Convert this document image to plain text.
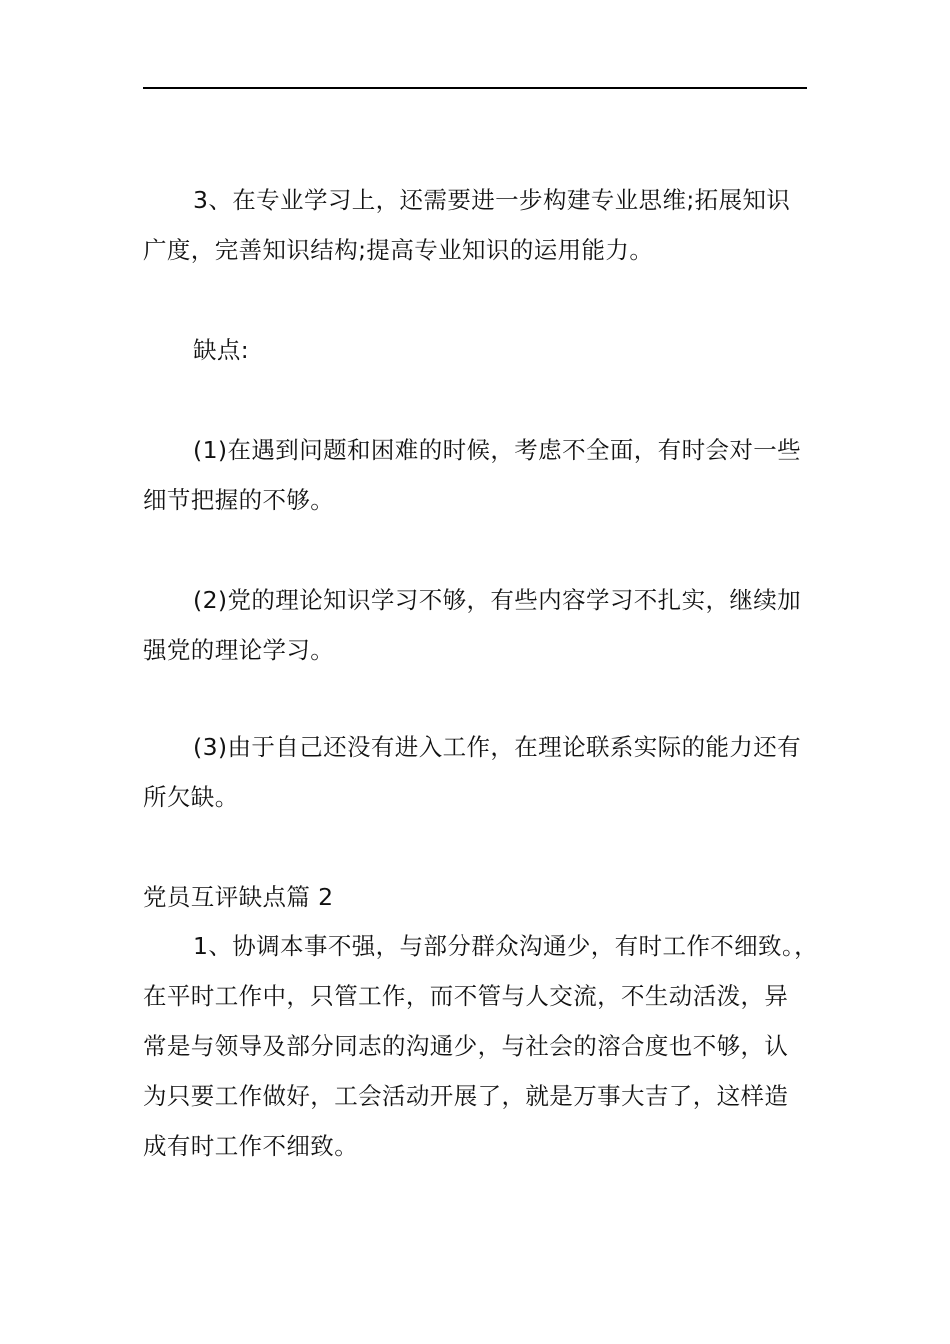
3、在专业学习上，还需要进一步构建专业思维;拓展知识
广度，完善知识结构;提高专业知识的运用能力。
缺点:
(1)在遇到问题和困难的时候，考虑不全面，有时会对一些
细节把握的不够。
(2)党的理论知识学习不够，有些内容学习不扎实，继续加
强党的理论学习。
(3)由于自己还没有进入工作，在理论联系实际的能力还有
所欠缺。
党员互评缺点篇 2
1、协调本事不强，与部分群众沟通少，有时工作不细致。，
在平时工作中，只管工作，而不管与人交流，不生动活泼，异
常是与领导及部分同志的沟通少，与社会的溶合度也不够，认
为只要工作做好，工会活动开展了，就是万事大吉了，这样造
成有时工作不细致。
